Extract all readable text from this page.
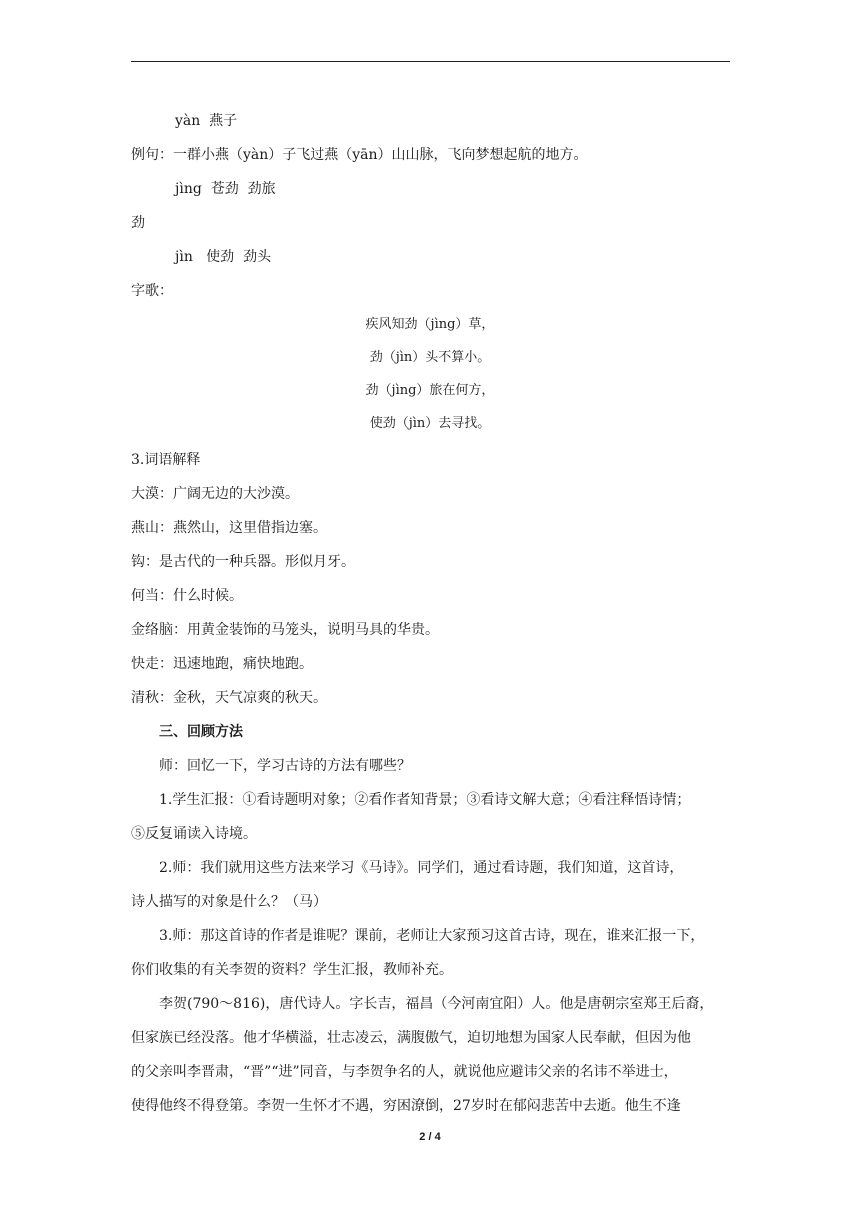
yàn  燕子
例句：一群小燕（yàn）子飞过燕（yān）山山脉，飞向梦想起航的地方。
jìng  苍劲  劲旅
劲
jìn   使劲  劲头
字歌：
疾风知劲（jìng）草，
劲（jìn）头不算小。
劲（jìng）旅在何方，
使劲（jìn）去寻找。
3.词语解释
大漠：广阔无边的大沙漠。
燕山：燕然山，这里借指边塞。
钩：是古代的一种兵器。形似月牙。
何当：什么时候。
金络脑：用黄金装饰的马笼头，说明马具的华贵。
快走：迅速地跑，痛快地跑。
清秋：金秋，天气凉爽的秋天。
三、回顾方法
师：回忆一下，学习古诗的方法有哪些？
1.学生汇报：①看诗题明对象；②看作者知背景；③看诗文解大意；④看注释悟诗情；
⑤反复诵读入诗境。
2.师：我们就用这些方法来学习《马诗》。同学们，通过看诗题，我们知道，这首诗，
诗人描写的对象是什么？（马）
3.师：那这首诗的作者是谁呢？课前，老师让大家预习这首古诗，现在，谁来汇报一下，
你们收集的有关李贺的资料？学生汇报，教师补充。
李贺(790～816)，唐代诗人。字长吉，福昌（今河南宜阳）人。他是唐朝宗室郑王后裔，
但家族已经没落。他才华横溢，壮志凌云，满腹傲气，迫切地想为国家人民奉献，但因为他
的父亲叫李晋肃，“晋”“进”同音，与李贺争名的人，就说他应避讳父亲的名讳不举进士，
使得他终不得登第。李贺一生怀才不遇，穷困潦倒，27岁时在郁闷悲苦中去逝。他生不逢
2 / 4
